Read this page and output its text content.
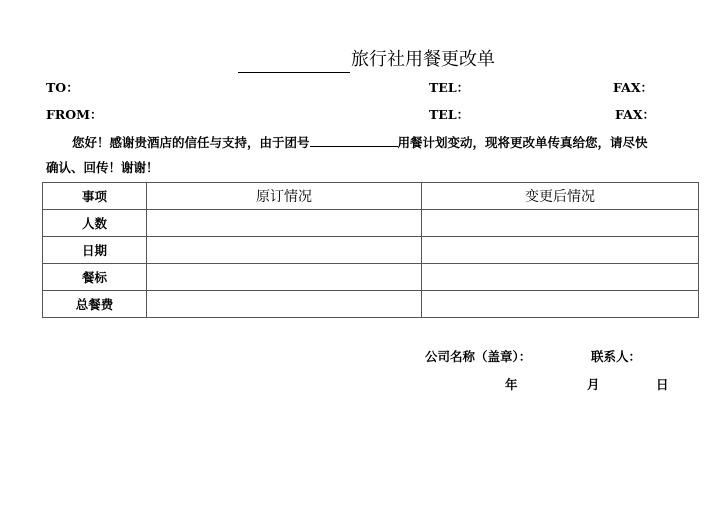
旅行社用餐更改单
TO：	TEL：	FAX：
FROM：	TEL：	FAX：
您好！感谢贵酒店的信任与支持，由于团号	用餐计划变动，现将更改单传真给您，请尽快
确认、回传！谢谢！
事项	原订情况	变更后情况
人数		
日期		
餐标		
总餐费		
公司名称（盖章）：	联系人：
年	月	日
